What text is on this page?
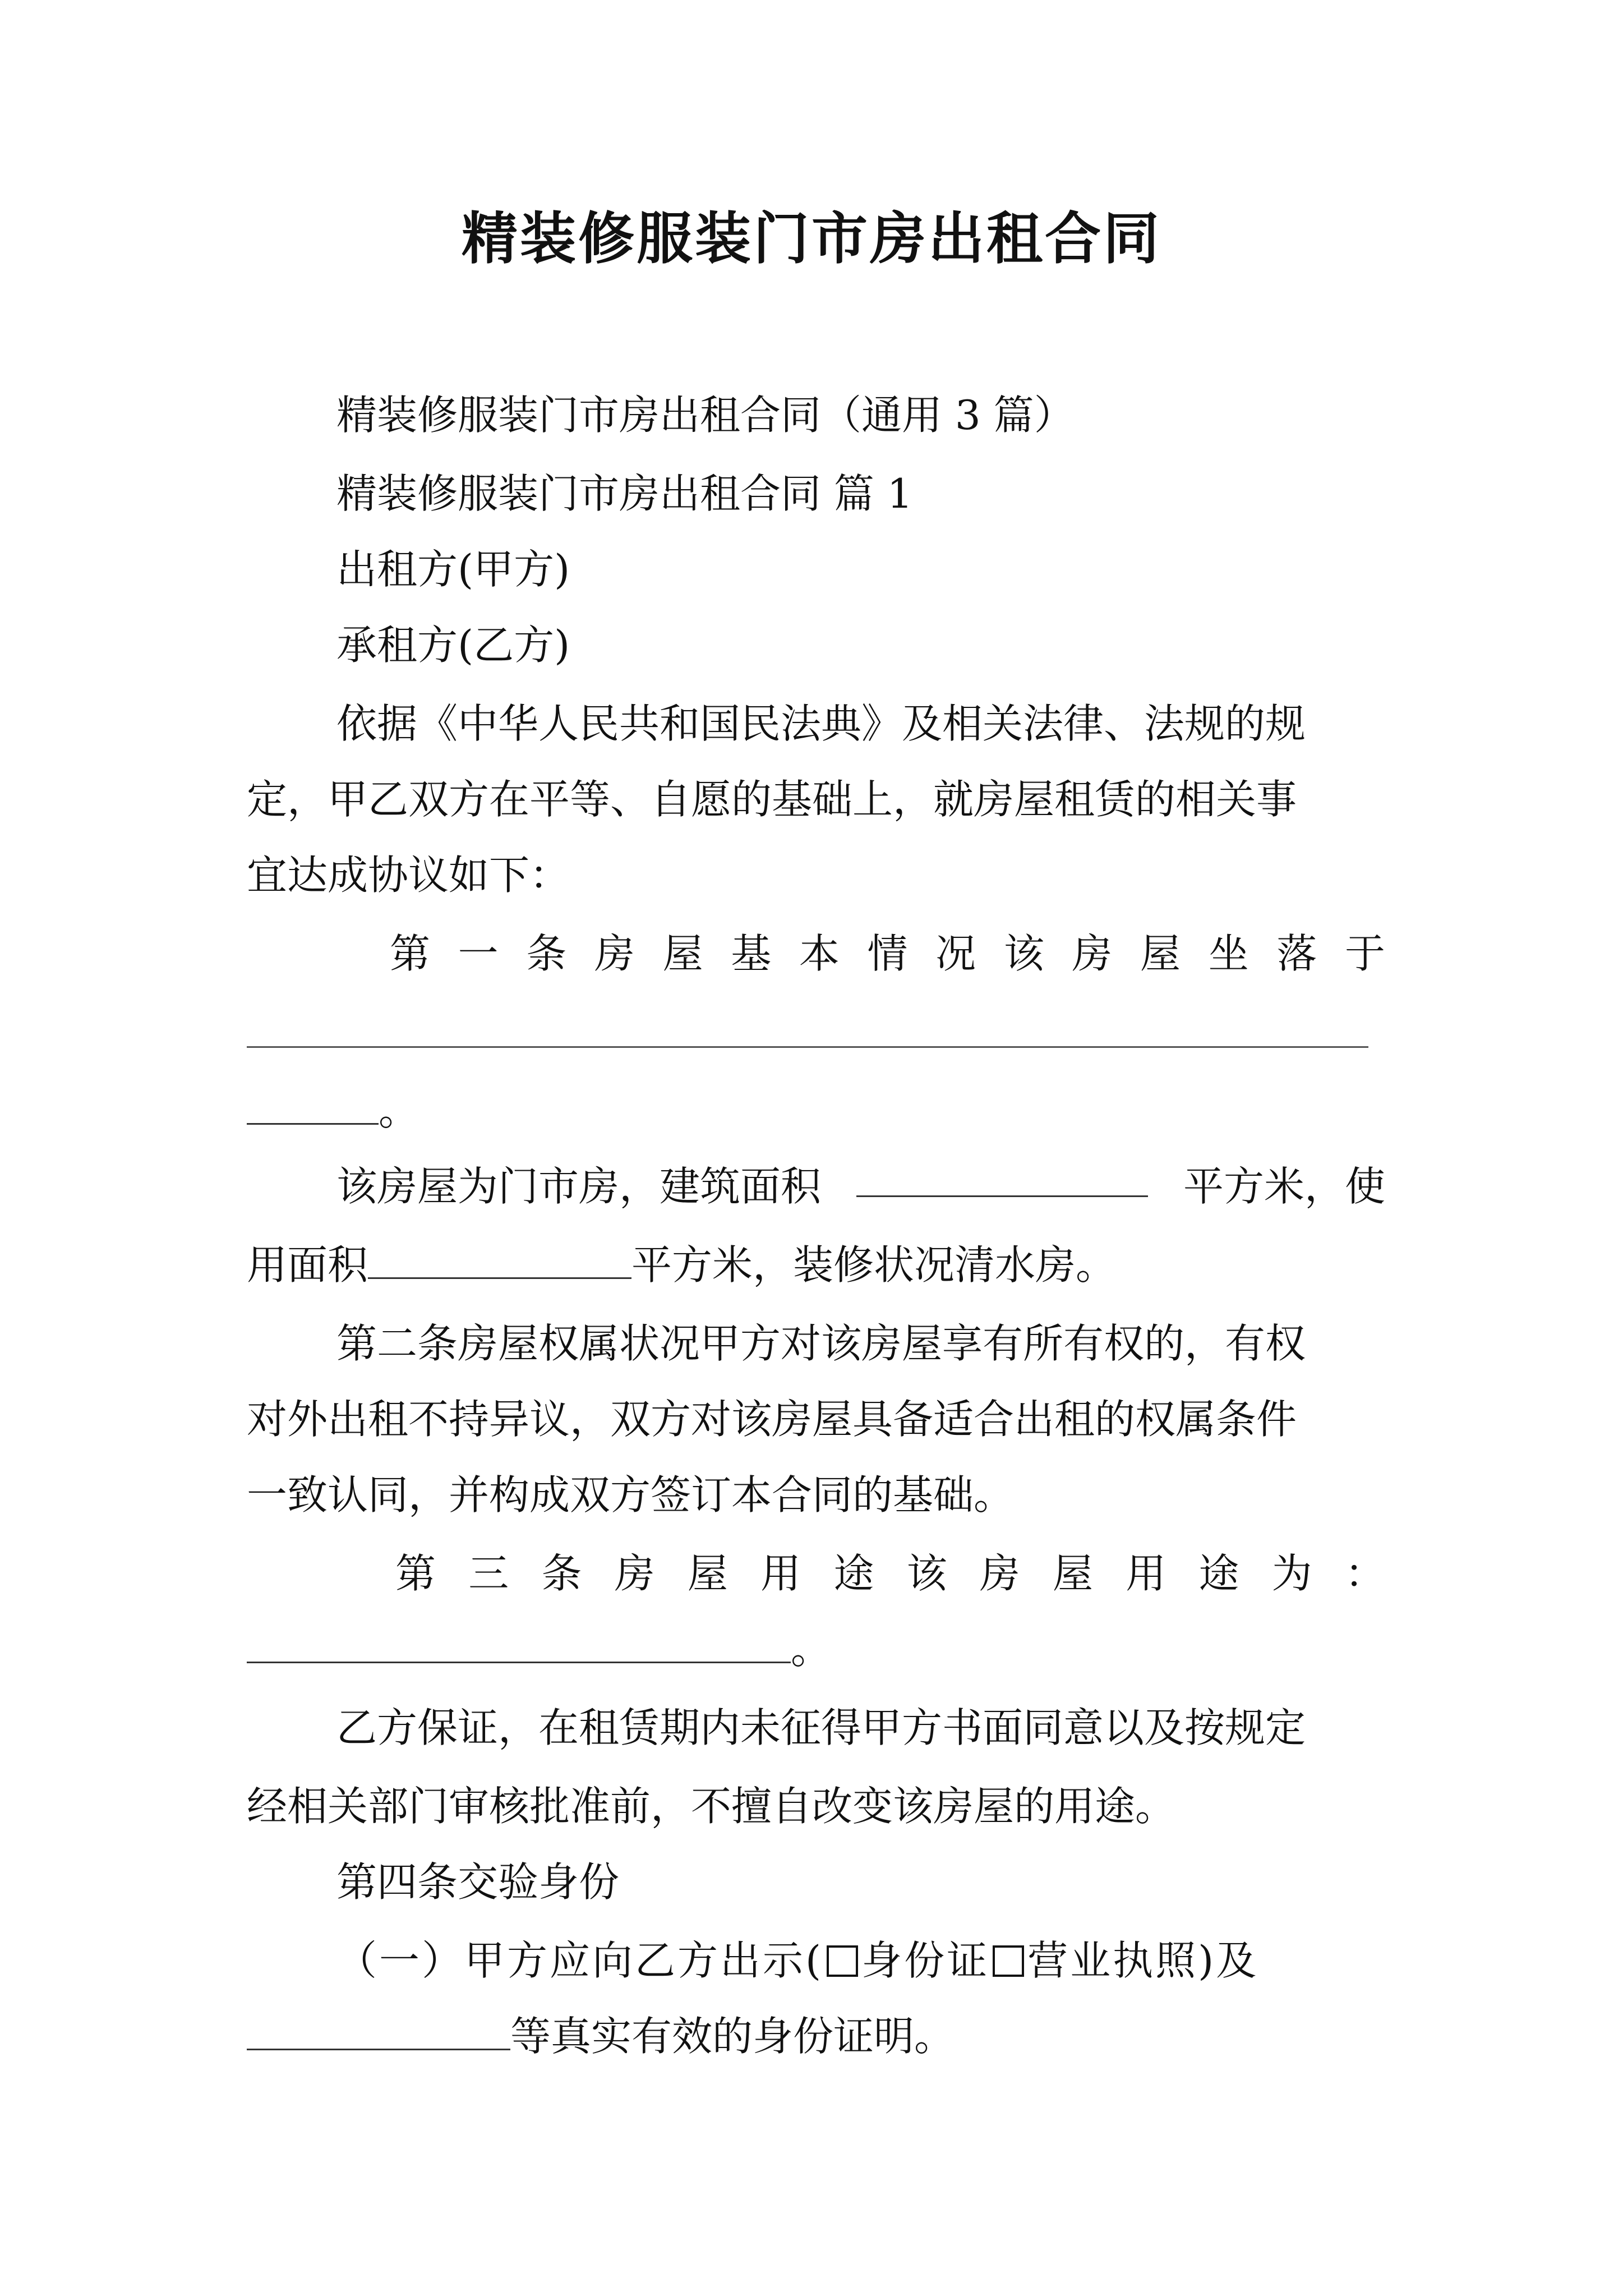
精装修服装门市房出租合同
精装修服装门市房出租合同（通用 3 篇）
精装修服装门市房出租合同 篇 1
出租方(甲方)
承租方(乙方)
依据《中华人民共和国民法典》及相关法律、法规的规
定，甲乙双方在平等、自愿的基础上，就房屋租赁的相关事
宜达成协议如下：
第 一 条 房 屋 基 本 情 况 该 房 屋 坐 落 于
。
该房屋为门市房，建筑面积	平方米，使
用面积	平方米，装修状况清水房。
第二条房屋权属状况甲方对该房屋享有所有权的，有权
对外出租不持异议，双方对该房屋具备适合出租的权属条件
一致认同，并构成双方签订本合同的基础。
第 三 条 房 屋 用 途 该 房 屋 用 途 为 ：
。
乙方保证，在租赁期内未征得甲方书面同意以及按规定
经相关部门审核批准前，不擅自改变该房屋的用途。
第四条交验身份
（一）甲方应向乙方出示( 身份证 营业执照)及
等真实有效的身份证明。
